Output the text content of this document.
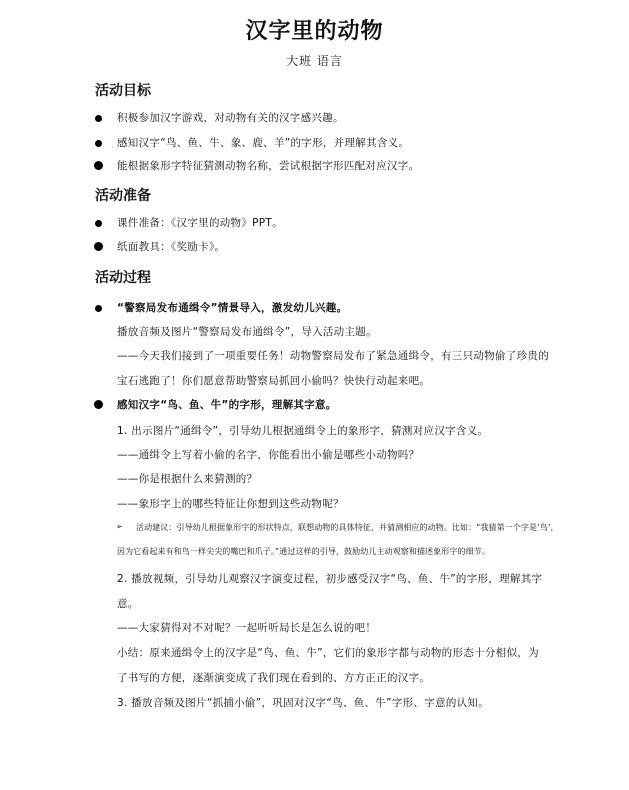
汉字里的动物
大班 语言
活动目标
积极参加汉字游戏，对动物有关的汉字感兴趣。
感知汉字“鸟、鱼、牛、象、鹿、羊”的字形，并理解其含义。
能根据象形字特征猜测动物名称，尝试根据字形匹配对应汉字。
活动准备
课件准备：《汉字里的动物》PPT。
纸面教具：《奖励卡》。
活动过程
“警察局发布通缉令”情景导入，激发幼儿兴趣。
播放音频及图片“警察局发布通缉令”，导入活动主题。
——今天我们接到了一项重要任务！动物警察局发布了紧急通缉令，有三只动物偷了珍贵的
宝石逃跑了！你们愿意帮助警察局抓回小偷吗？快快行动起来吧。
感知汉字“鸟、鱼、牛”的字形，理解其字意。
1. 出示图片“通缉令”，引导幼儿根据通缉令上的象形字，猜测对应汉字含义。
——通缉令上写着小偷的名字，你能看出小偷是哪些小动物吗？
——你是根据什么来猜测的？
——象形字上的哪些特征让你想到这些动物呢？
➢ 活动建议：引导幼儿根据象形字的形状特点，联想动物的具体特征，并猜测相应的动物。比如：“我猜第一个字是‘鸟’，
因为它看起来有和鸟一样尖尖的嘴巴和爪子。”通过这样的引导，鼓励幼儿主动观察和描述象形字的细节。
2. 播放视频，引导幼儿观察汉字演变过程，初步感受汉字“鸟、鱼、牛”的字形，理解其字
意。
——大家猜得对不对呢？一起听听局长是怎么说的吧！
小结：原来通缉令上的汉字是“鸟、鱼、牛”，它们的象形字都与动物的形态十分相似，为
了书写的方便，逐渐演变成了我们现在看到的、方方正正的汉字。
3. 播放音频及图片“抓捕小偷”，巩固对汉字“鸟、鱼、牛”字形、字意的认知。
